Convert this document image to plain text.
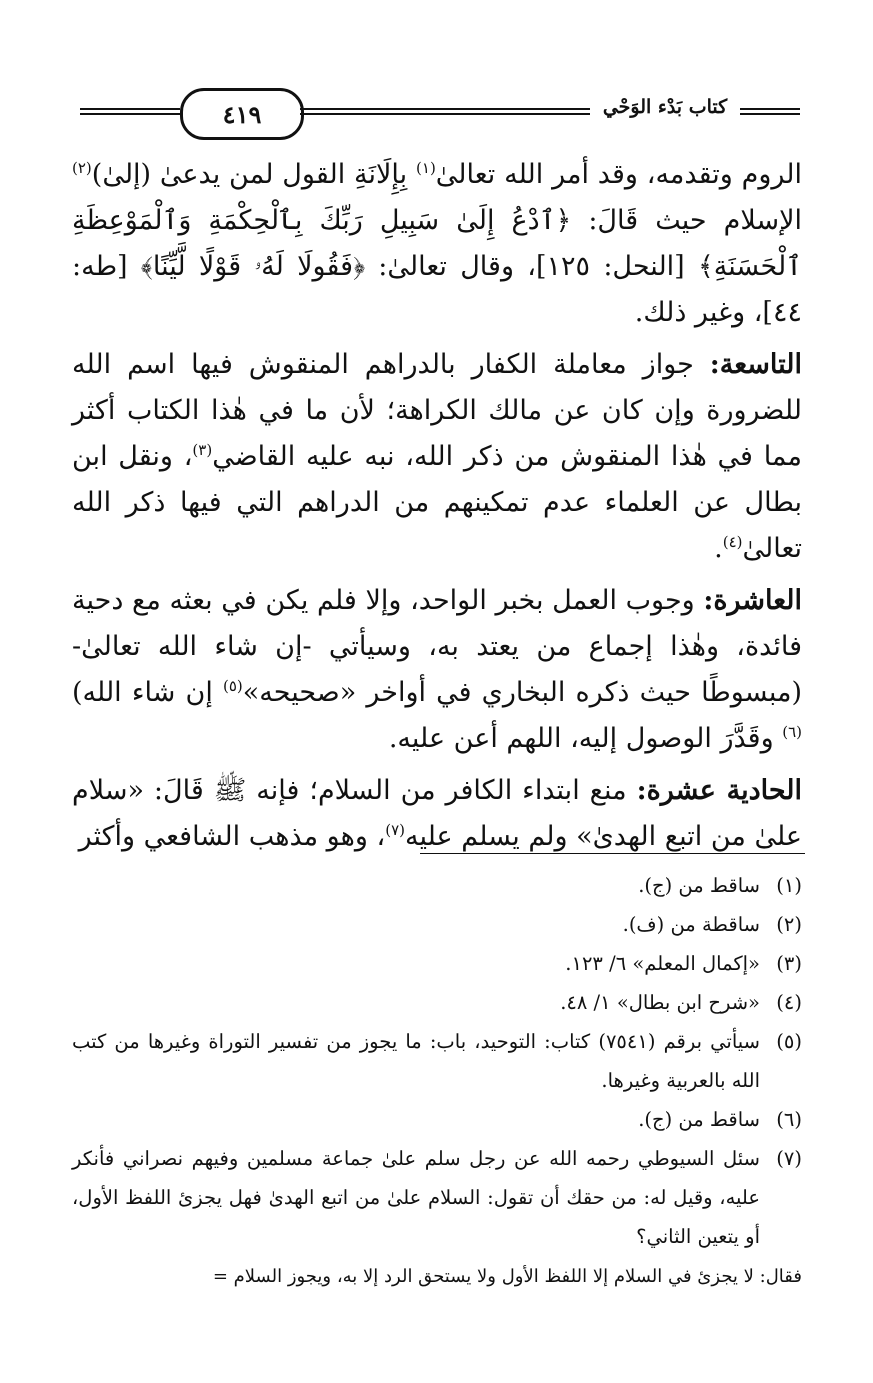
٤١٩	كتاب بَدْء الوَحْي

الروم وتقدمه، وقد أمر الله تعالىٰ$^{(١)}$ بِإِلَانَةِ القول لمن يدعىٰ (إلىٰ)$^{(٢)}$ الإسلام حيث قَالَ: ﴿ٱدْعُ إِلَىٰ سَبِيلِ رَبِّكَ بِٱلْحِكْمَةِ وَٱلْمَوْعِظَةِ ٱلْحَسَنَةِ﴾ [النحل: ١٢٥]، وقال تعالىٰ: ﴿فَقُولَا لَهُۥ قَوْلًا لَّيِّنًا﴾ [طه: ٤٤]، وغير ذلك.

التاسعة: جواز معاملة الكفار بالدراهم المنقوش فيها اسم الله للضرورة وإن كان عن مالك الكراهة؛ لأن ما في هٰذا الكتاب أكثر مما في هٰذا المنقوش من ذكر الله، نبه عليه القاضي$^{(٣)}$، ونقل ابن بطال عن العلماء عدم تمكينهم من الدراهم التي فيها ذكر الله تعالىٰ$^{(٤)}$.

العاشرة: وجوب العمل بخبر الواحد، وإلا فلم يكن في بعثه مع دحية فائدة، وهٰذا إجماع من يعتد به، وسيأتي -إن شاء الله تعالىٰ- (مبسوطًا حيث ذكره البخاري في أواخر «صحيحه»$^{(٥)}$ إن شاء الله)$^{(٦)}$ وقَدَّرَ الوصول إليه، اللهم أعن عليه.

الحادية عشرة: منع ابتداء الكافر من السلام؛ فإنه ﷺ قَالَ: «سلام علىٰ من اتبع الهدىٰ» ولم يسلم عليه$^{(٧)}$، وهو مذهب الشافعي وأكثر

(١)
ساقط من (ج).
(٢)
ساقطة من (ف).
(٣)
«إكمال المعلم» ٦/ ١٢٣.
(٤)
«شرح ابن بطال» ١/ ٤٨.
(٥)
سيأتي برقم (٧٥٤١) كتاب: التوحيد، باب: ما يجوز من تفسير التوراة وغيرها من كتب الله بالعربية وغيرها.
(٦)
ساقط من (ج).
(٧)
سئل السيوطي رحمه الله عن رجل سلم علىٰ جماعة مسلمين وفيهم نصراني فأنكر عليه، وقيل له: من حقك أن تقول: السلام علىٰ من اتبع الهدىٰ فهل يجزئ اللفظ الأول، أو يتعين الثاني؟
فقال: لا يجزئ في السلام إلا اللفظ الأول ولا يستحق الرد إلا به، ويجوز السلام =
